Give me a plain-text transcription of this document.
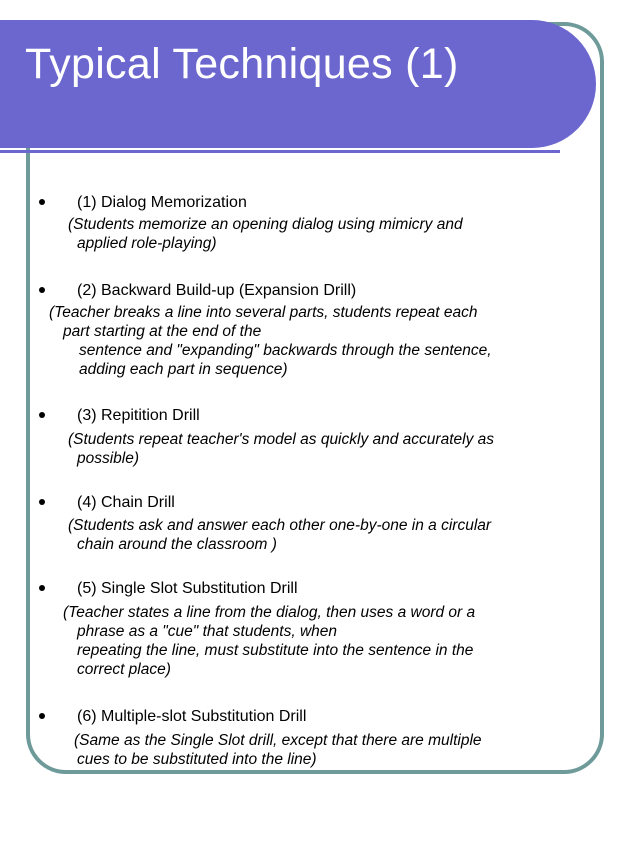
Typical Techniques (1)
(1) Dialog Memorization
(Students memorize an opening dialog using mimicry and
applied role-playing)
(2) Backward Build-up (Expansion Drill)
(Teacher breaks a line into several parts, students repeat each
part starting at the end of the
sentence and "expanding" backwards through the sentence,
adding each part in sequence)
(3) Repitition Drill
(Students repeat teacher's model as quickly and accurately as
possible)
(4) Chain Drill
(Students ask and answer each other one-by-one in a circular
chain around the classroom )
(5) Single Slot Substitution Drill
(Teacher states a line from the dialog, then uses a word or a
phrase as a "cue" that students, when
repeating the line, must substitute into the sentence in the
correct place)
(6) Multiple-slot Substitution Drill
(Same as the Single Slot drill, except that there are multiple
cues to be substituted into the line)
